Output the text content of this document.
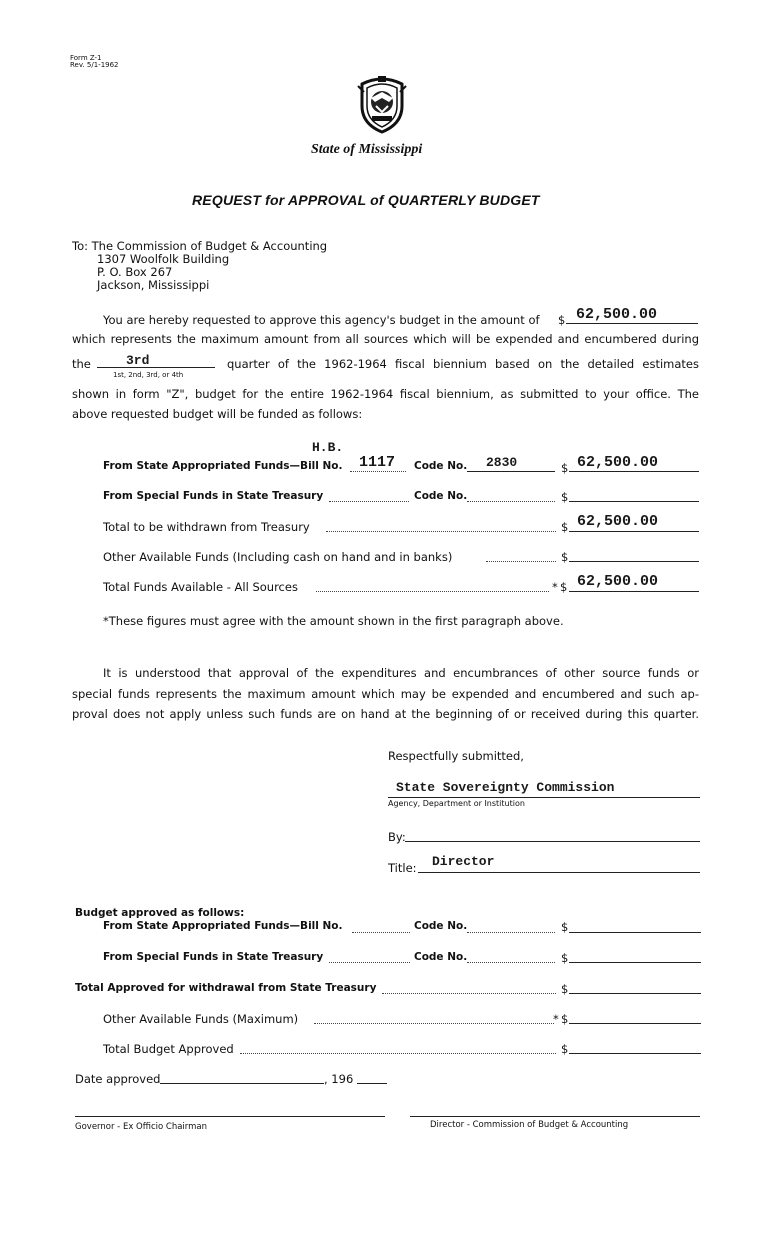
Form Z-1
Rev. 5/1-1962
State of Mississippi
REQUEST for APPROVAL of QUARTERLY BUDGET
To: The Commission of Budget & Accounting
1307 Woolfolk Building
P. O. Box 267
Jackson, Mississippi
You are hereby requested to approve this agency's budget in the amount of $ 62,500.00
which represents the maximum amount from all sources which will be expended and encumbered during
the	3rd
1st, 2nd, 3rd, or 4th
quarter of the 1962-1964 fiscal biennium based on the detailed estimates
shown in form "Z", budget for the entire 1962-1964 fiscal biennium, as submitted to your office. The
above requested budget will be funded as follows:
H.B.
From State Appropriated Funds—Bill No. 1117 Code No. 2830	$ 62,500.00
From Special Funds in State Treasury	Code No.	$
Total to be withdrawn from Treasury	$ 62,500.00
Other Available Funds (Including cash on hand and in banks)	$
Total Funds Available - All Sources	* $ 62,500.00
*These figures must agree with the amount shown in the first paragraph above.
It is understood that approval of the expenditures and encumbrances of other source funds or
special funds represents the maximum amount which may be expended and encumbered and such ap-
proval does not apply unless such funds are on hand at the beginning of or received during this quarter.
Respectfully submitted,
State Sovereignty Commission
Agency, Department or Institution
By:
Title: Director
Budget approved as follows:
From State Appropriated Funds—Bill No.	Code No.	$
From Special Funds in State Treasury	Code No.	$
Total Approved for withdrawal from State Treasury	$
Other Available Funds (Maximum)	* $
Total Budget Approved	$
Date approved	, 196
Governor - Ex Officio Chairman	Director - Commission of Budget & Accounting
